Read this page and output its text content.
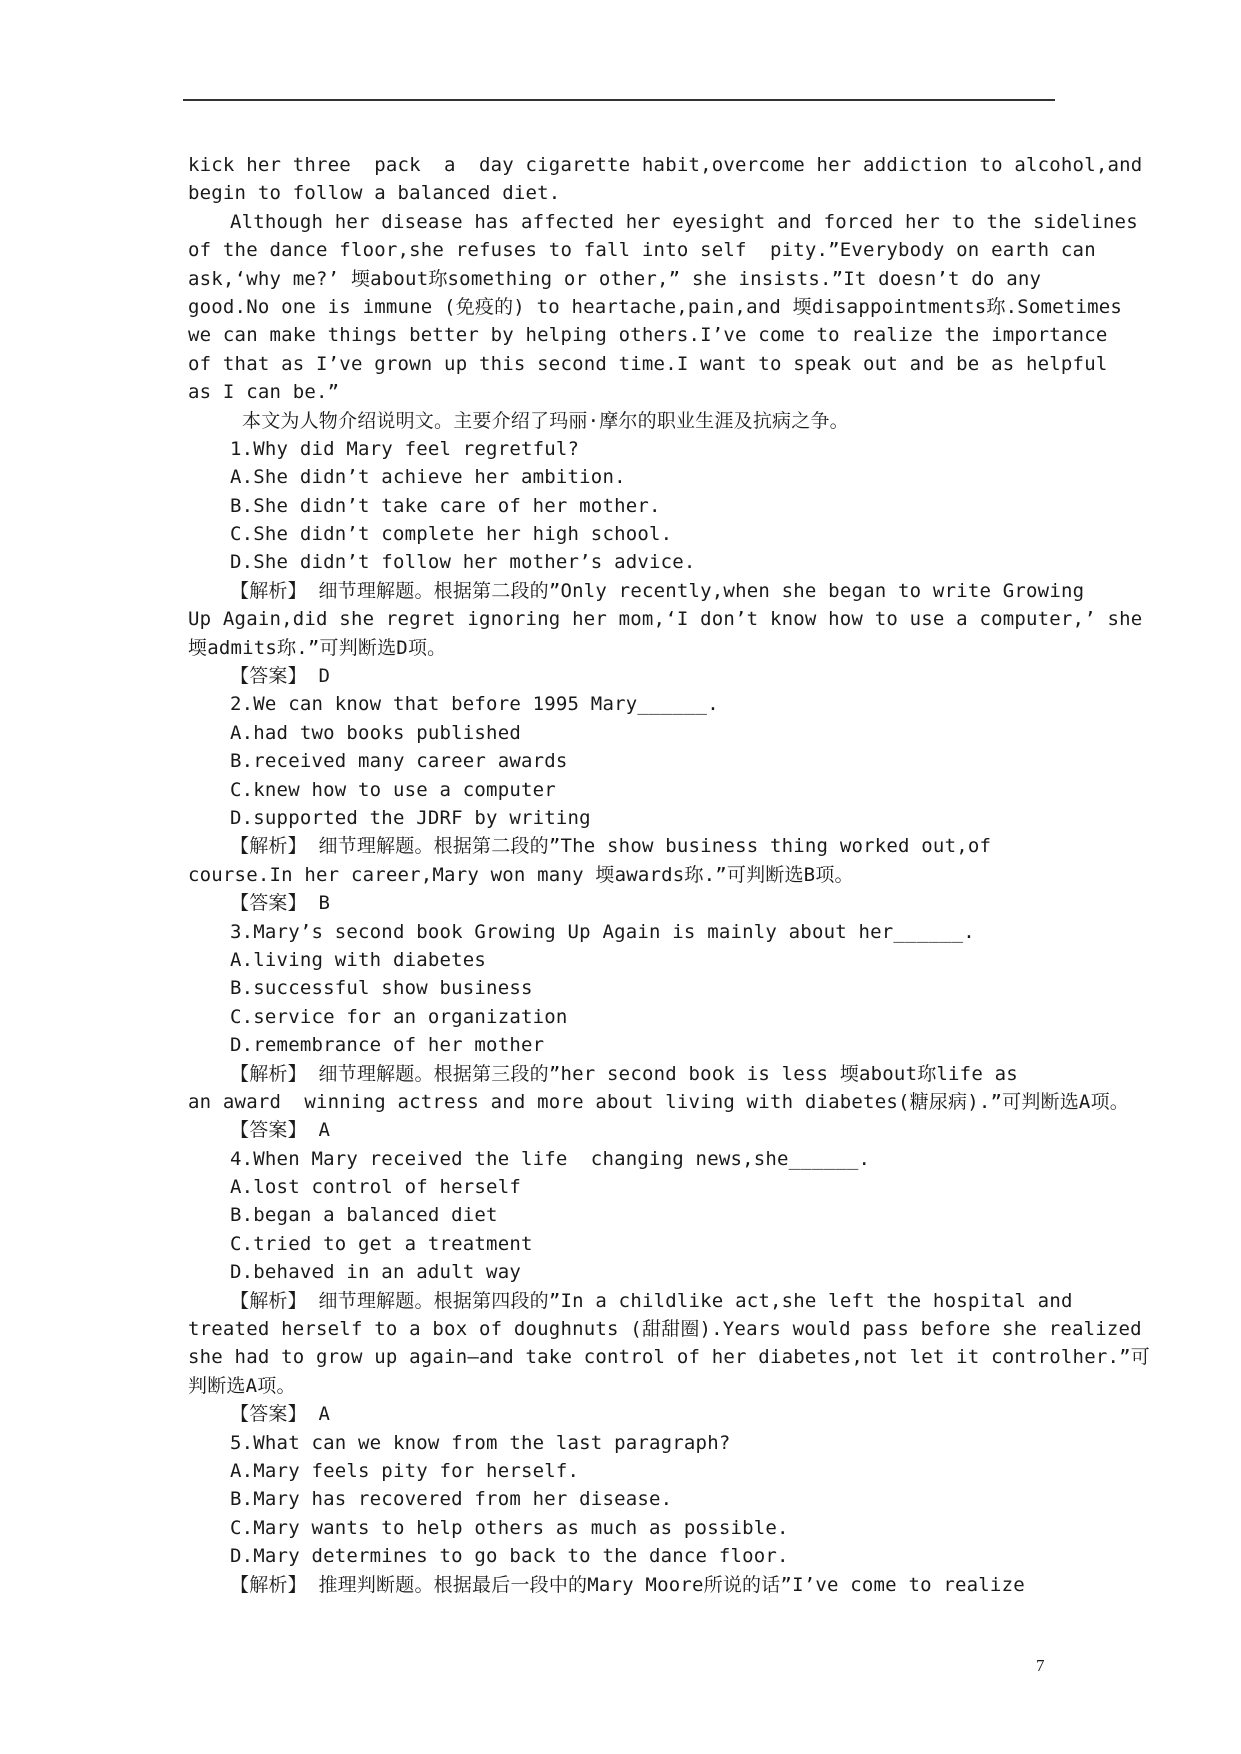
kick her three  pack  a  day cigarette habit,overcome her addiction to alcohol,and
begin to follow a balanced diet.
Although her disease has affected her eyesight and forced her to the sidelines
of the dance floor,she refuses to fall into self  pity.”Everybody on earth can
ask,‘why me?’ 堧about珎something or other,” she insists.”It doesn’t do any
good.No one is immune (免疫的) to heartache,pain,and 堧disappointments珎.Sometimes
we can make things better by helping others.I’ve come to realize the importance
of that as I’ve grown up this second time.I want to speak out and be as helpful
as I can be.”
本文为人物介绍说明文。主要介绍了玛丽·摩尔的职业生涯及抗病之争。
1.Why did Mary feel regretful?
A.She didn’t achieve her ambition.
B.She didn’t take care of her mother.
C.She didn’t complete her high school.
D.She didn’t follow her mother’s advice.
【解析】 细节理解题。根据第二段的”Only recently,when she began to write Growing
Up Again,did she regret ignoring her mom,‘I don’t know how to use a computer,’ she
堧admits珎.”可判断选D项。
【答案】 D
2.We can know that before 1995 Mary______.
A.had two books published
B.received many career awards
C.knew how to use a computer
D.supported the JDRF by writing
【解析】 细节理解题。根据第二段的”The show business thing worked out,of
course.In her career,Mary won many 堧awards珎.”可判断选B项。
【答案】 B
3.Mary’s second book Growing Up Again is mainly about her______.
A.living with diabetes
B.successful show business
C.service for an organization
D.remembrance of her mother
【解析】 细节理解题。根据第三段的”her second book is less 堧about珎life as
an award  winning actress and more about living with diabetes(糖尿病).”可判断选A项。
【答案】 A
4.When Mary received the life  changing news,she______.
A.lost control of herself
B.began a balanced diet
C.tried to get a treatment
D.behaved in an adult way
【解析】 细节理解题。根据第四段的”In a childlike act,she left the hospital and
treated herself to a box of doughnuts (甜甜圈).Years would pass before she realized
she had to grow up again—and take control of her diabetes,not let it controlher.”可
判断选A项。
【答案】 A
5.What can we know from the last paragraph?
A.Mary feels pity for herself.
B.Mary has recovered from her disease.
C.Mary wants to help others as much as possible.
D.Mary determines to go back to the dance floor.
【解析】 推理判断题。根据最后一段中的Mary Moore所说的话”I’ve come to realize
7
